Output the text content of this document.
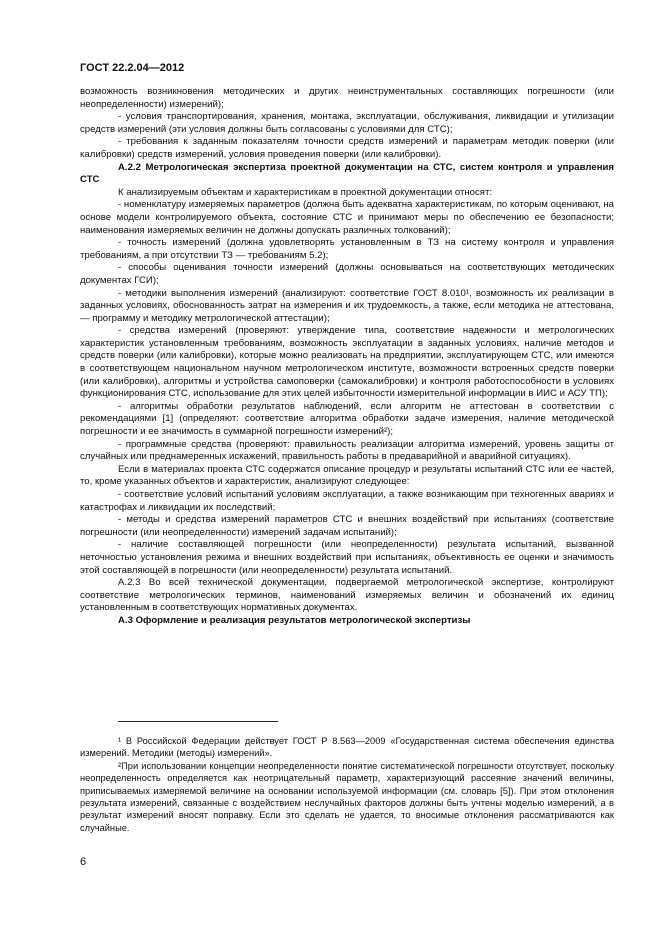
ГОСТ 22.2.04—2012

возможность возникновения методических и других неинструментальных составляющих погрешности (или неопределенности) измерений);

- условия транспортирования, хранения, монтажа, эксплуатации, обслуживания, ликвидации и утилизации средств измерений (эти условия должны быть согласованы с условиями для СТС);

- требования к заданным показателям точности средств измерений и параметрам методик поверки (или калибровки) средств измерений, условия проведения поверки (или калибровки).

А.2.2 Метрологическая экспертиза проектной документации на СТС, систем контроля и управления СТС

К анализируемым объектам и характеристикам в проектной документации относят:

- номенклатуру измеряемых параметров (должна быть адекватна характеристикам, по которым оценивают, на основе модели контролируемого объекта, состояние СТС и принимают меры по обеспечению ее безопасности; наименования измеряемых величин не должны допускать различных толкований);

- точность измерений (должна удовлетворять установленным в ТЗ на систему контроля и управления требованиям, а при отсутствии ТЗ — требованиям 5.2);

- способы оценивания точности измерений (должны основываться на соответствующих методических документах ГСИ);

- методики выполнения измерений (анализируют: соответствие ГОСТ 8.010¹, возможность их реализации в заданных условиях, обоснованность затрат на измерения и их трудоемкость, а также, если методика не аттестована, — программу и методику метрологической аттестации);

- средства измерений (проверяют: утверждение типа, соответствие надежности и метрологических характеристик установленным требованиям, возможность эксплуатации в заданных условиях, наличие методов и средств поверки (или калибровки), которые можно реализовать на предприятии, эксплуатирующем СТС, или имеются в соответствующем национальном научном метрологическом институте, возможности встроенных средств поверки (или калибровки), алгоритмы и устройства самоповерки (самокалибровки) и контроля работоспособности в условиях функционирования СТС, использование для этих целей избыточности измерительной информации в ИИС и АСУ ТП);

- алгоритмы обработки результатов наблюдений, если алгоритм не аттестован в соответствии с рекомендациями [1] (определяют: соответствие алгоритма обработки задаче измерения, наличие методической погрешности и ее значимость в суммарной погрешности измерений²);

- программные средства (проверяют: правильность реализации алгоритма измерений, уровень защиты от случайных или преднамеренных искажений, правильность работы в предаварийной и аварийной ситуациях).

Если в материалах проекта СТС содержатся описание процедур и результаты испытаний СТС или ее частей, то, кроме указанных объектов и характеристик, анализируют следующее:

- соответствие условий испытаний условиям эксплуатации, а также возникающим при техногенных авариях и катастрофах и ликвидации их последствий;

- методы и средства измерений параметров СТС и внешних воздействий при испытаниях (соответствие погрешности (или неопределенности) измерений задачам испытаний);

- наличие составляющей погрешности (или неопределенности) результата испытаний, вызванной неточностью установления режима и внешних воздействий при испытаниях, объективность ее оценки и значимость этой составляющей в погрешности (или неопределенности) результата испытаний.

А.2.3 Во всей технической документации, подвергаемой метрологической экспертизе, контролируют соответствие метрологических терминов, наименований измеряемых величин и обозначений их единиц установленным в соответствующих нормативных документах.

А.3 Оформление и реализация результатов метрологической экспертизы

¹ В Российской Федерации действует ГОСТ Р 8.563—2009 «Государственная система обеспечения единства измерений. Методики (методы) измерений».

²При использовании концепции неопределенности понятие систематической погрешности отсутствует, поскольку неопределенность определяется как неотрицательный параметр, характеризующий рассеяние значений величины, приписываемых измеряемой величине на основании используемой информации (см. словарь [5]). При этом отклонения результата измерений, связанные с воздействием неслучайных факторов должны быть учтены моделью измерений, а в результат измерений вносят поправку. Если это сделать не удается, то вносимые отклонения рассматриваются как случайные.

6
